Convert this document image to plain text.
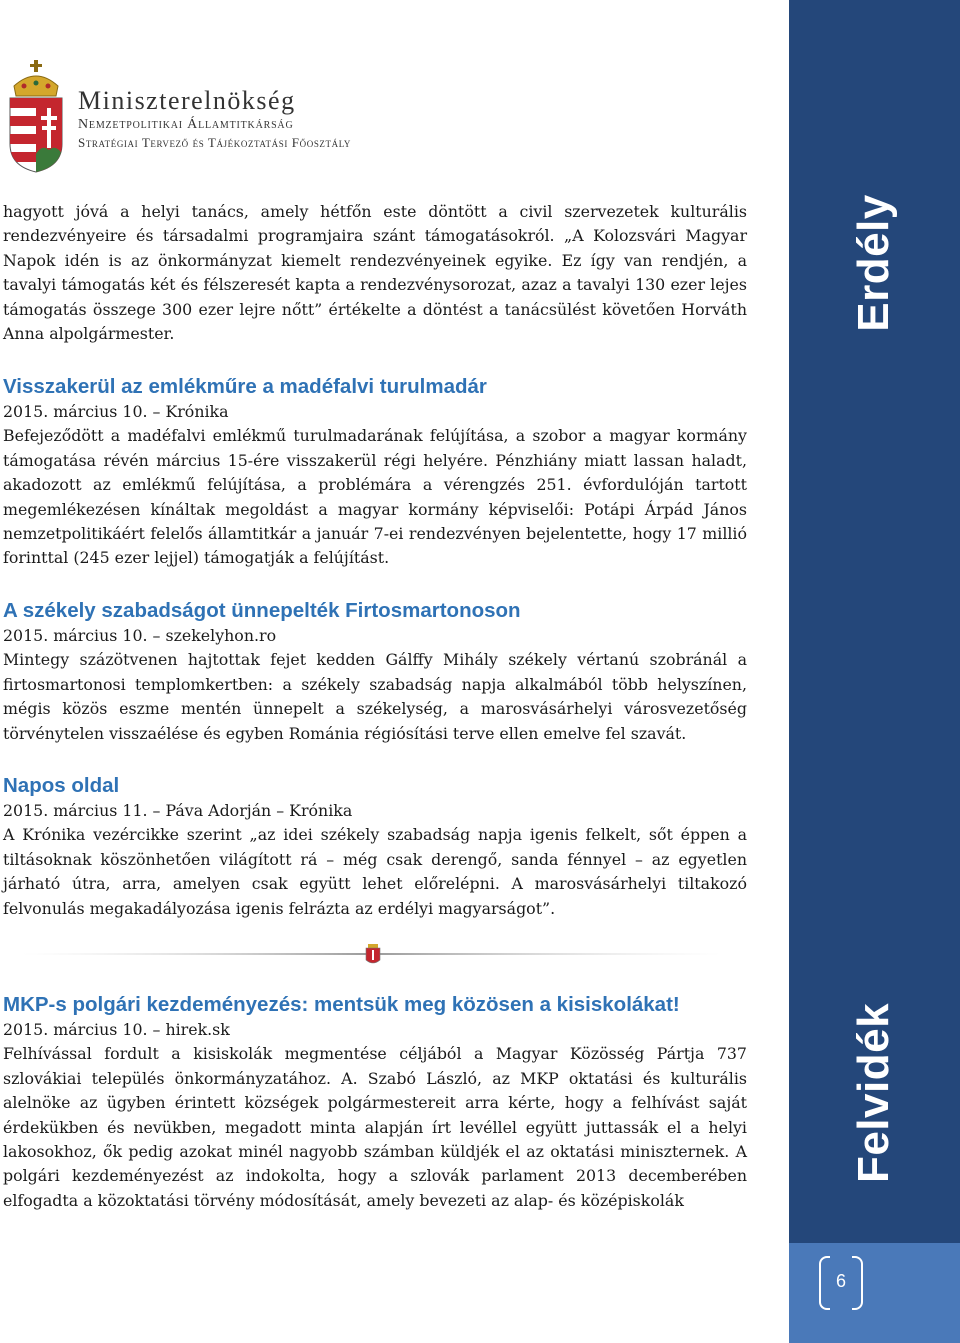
Erdély
Felvidék
6
Miniszterelnökség
Nemzetpolitikai Államtitkárság
Stratégiai Tervező és Tájékoztatási Főosztály

hagyott jóvá a helyi tanács, amely hétfőn este döntött a civil szervezetek kulturális rendezvényeire és társadalmi programjaira szánt támogatásokról. „A Kolozsvári Magyar Napok idén is az önkormányzat kiemelt rendezvényeinek egyike. Ez így van rendjén, a tavalyi támogatás két és félszeresét kapta a rendezvénysorozat, azaz a tavalyi 130 ezer lejes támogatás összege 300 ezer lejre nőtt” értékelte a döntést a tanácsülést követően Horváth Anna alpolgármester.

Visszakerül az emlékműre a madéfalvi turulmadár

2015. március 10. – Krónika

Befejeződött a madéfalvi emlékmű turulmadarának felújítása, a szobor a magyar kormány támogatása révén március 15-ére visszakerül régi helyére. Pénzhiány miatt lassan haladt, akadozott az emlékmű felújítása, a problémára a vérengzés 251. évfordulóján tartott megemlékezésen kínáltak megoldást a magyar kormány képviselői: Potápi Árpád János nemzetpolitikáért felelős államtitkár a január 7-ei rendezvényen bejelentette, hogy 17 millió forinttal (245 ezer lejjel) támogatják a felújítást.

A székely szabadságot ünnepelték Firtosmartonoson

2015. március 10. – szekelyhon.ro

Mintegy százötvenen hajtottak fejet kedden Gálffy Mihály székely vértanú szobránál a firtosmartonosi templomkertben: a székely szabadság napja alkalmából több helyszínen, mégis közös eszme mentén ünnepelt a székelység, a marosvásárhelyi városvezetőség törvénytelen visszaélése és egyben Románia régiósítási terve ellen emelve fel szavát.

Napos oldal

2015. március 11. – Páva Adorján – Krónika

A Krónika vezércikke szerint „az idei székely szabadság napja igenis felkelt, sőt éppen a tiltásoknak köszönhetően világított rá – még csak derengő, sanda fénnyel – az egyetlen járható útra, arra, amelyen csak együtt lehet előrelépni. A marosvásárhelyi tiltakozó felvonulás megakadályozása igenis felrázta az erdélyi magyarságot”.

MKP-s polgári kezdeményezés: mentsük meg közösen a kisiskolákat!

2015. március 10. – hirek.sk

Felhívással fordult a kisiskolák megmentése céljából a Magyar Közösség Pártja 737 szlovákiai település önkormányzatához. A. Szabó László, az MKP oktatási és kulturális alelnöke az ügyben érintett községek polgármestereit arra kérte, hogy a felhívást saját érdekükben és nevükben, megadott minta alapján írt levéllel együtt juttassák el a helyi lakosokhoz, ők pedig azokat minél nagyobb számban küldjék el az oktatási miniszternek. A polgári kezdeményezést az indokolta, hogy a szlovák parlament 2013 decemberében elfogadta a közoktatási törvény módosítását, amely bevezeti az alap- és középiskolák
